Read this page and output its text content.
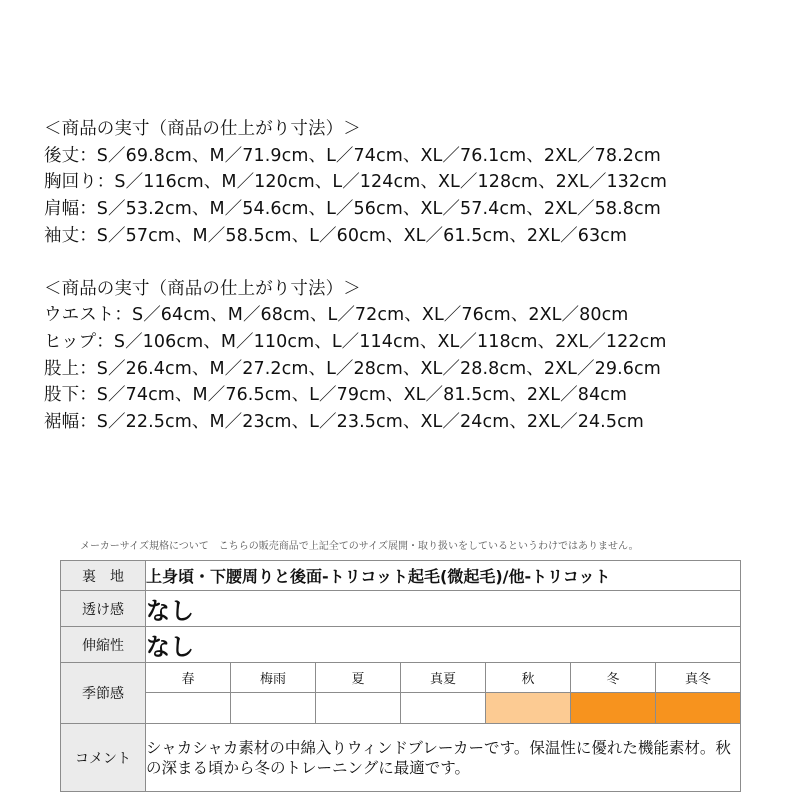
＜商品の実寸（商品の仕上がり寸法）＞
後丈：S／69.8cm、M／71.9cm、L／74cm、XL／76.1cm、2XL／78.2cm
胸回り：S／116cm、M／120cm、L／124cm、XL／128cm、2XL／132cm
肩幅：S／53.2cm、M／54.6cm、L／56cm、XL／57.4cm、2XL／58.8cm
袖丈：S／57cm、M／58.5cm、L／60cm、XL／61.5cm、2XL／63cm
＜商品の実寸（商品の仕上がり寸法）＞
ウエスト：S／64cm、M／68cm、L／72cm、XL／76cm、2XL／80cm
ヒップ：S／106cm、M／110cm、L／114cm、XL／118cm、2XL／122cm
股上：S／26.4cm、M／27.2cm、L／28cm、XL／28.8cm、2XL／29.6cm
股下：S／74cm、M／76.5cm、L／79cm、XL／81.5cm、2XL／84cm
裾幅：S／22.5cm、M／23cm、L／23.5cm、XL／24cm、2XL／24.5cm
メーカーサイズ規格について　こちらの販売商品で上記全てのサイズ展開・取り扱いをしているというわけではありません。
裏　地	上身頃・下腰周りと後面-トリコット起毛(微起毛)/他-トリコット						
透け感	なし						
伸縮性	なし						
季節感	春	梅雨	夏	真夏	秋	冬	真冬

コメント	シャカシャカ素材の中綿入りウィンドブレーカーです。保温性に優れた機能素材。秋の深まる頃から冬のトレーニングに最適です。						
